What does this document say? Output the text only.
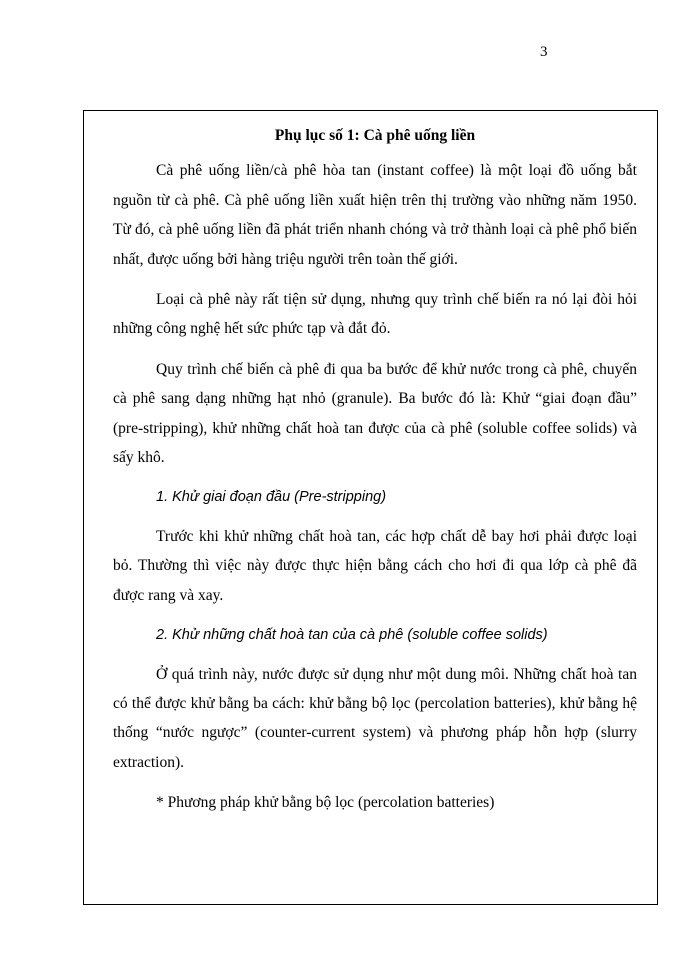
3
Phụ lục số 1: Cà phê uống liền

Cà phê uống liền/cà phê hòa tan (instant coffee) là một loại đồ uống bắt nguồn từ cà phê. Cà phê uống liền xuất hiện trên thị trường vào những năm 1950. Từ đó, cà phê uống liền đã phát triển nhanh chóng và trở thành loại cà phê phổ biến nhất, được uống bởi hàng triệu người trên toàn thế giới.

Loại cà phê này rất tiện sử dụng, nhưng quy trình chế biến ra nó lại đòi hỏi những công nghệ hết sức phức tạp và đắt đỏ.

Quy trình chế biến cà phê đi qua ba bước để khử nước trong cà phê, chuyển cà phê sang dạng những hạt nhỏ (granule). Ba bước đó là: Khử “giai đoạn đầu” (pre-stripping), khử những chất hoà tan được của cà phê (soluble coffee solids) và sấy khô.

1. Khử giai đoạn đầu (Pre-stripping)

Trước khi khử những chất hoà tan, các hợp chất dễ bay hơi phải được loại bỏ. Thường thì việc này được thực hiện bằng cách cho hơi đi qua lớp cà phê đã được rang và xay.

2. Khử những chất hoà tan của cà phê (soluble coffee solids)

Ở quá trình này, nước được sử dụng như một dung môi. Những chất hoà tan có thể được khử bằng ba cách: khử bằng bộ lọc (percolation batteries), khử bằng hệ thống “nước ngược” (counter-current system) và phương pháp hỗn hợp (slurry extraction).

* Phương pháp khử bằng bộ lọc (percolation batteries)
